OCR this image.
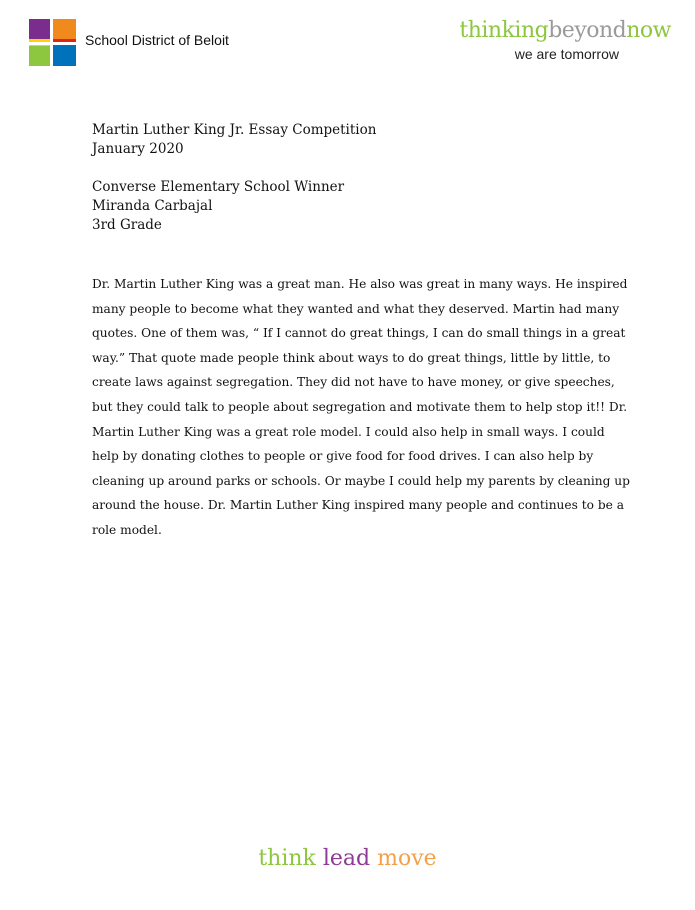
School District of Beloit	thinkingbeyondnow
we are tomorrow
Martin Luther King Jr. Essay Competition
January 2020
Converse Elementary School Winner
Miranda Carbajal
3rd Grade
Dr. Martin Luther King was a great man. He also was great in many ways. He inspired
many people to become what they wanted and what they deserved. Martin had many
quotes. One of them was, “ If I cannot do great things, I can do small things in a great
way.” That quote made people think about ways to do great things, little by little, to
create laws against segregation. They did not have to have money, or give speeches,
but they could talk to people about segregation and motivate them to help stop it!! Dr.
Martin Luther King was a great role model. I could also help in small ways. I could
help by donating clothes to people or give food for food drives. I can also help by
cleaning up around parks or schools. Or maybe I could help my parents by cleaning up
around the house. Dr. Martin Luther King inspired many people and continues to be a
role model.
think lead move
